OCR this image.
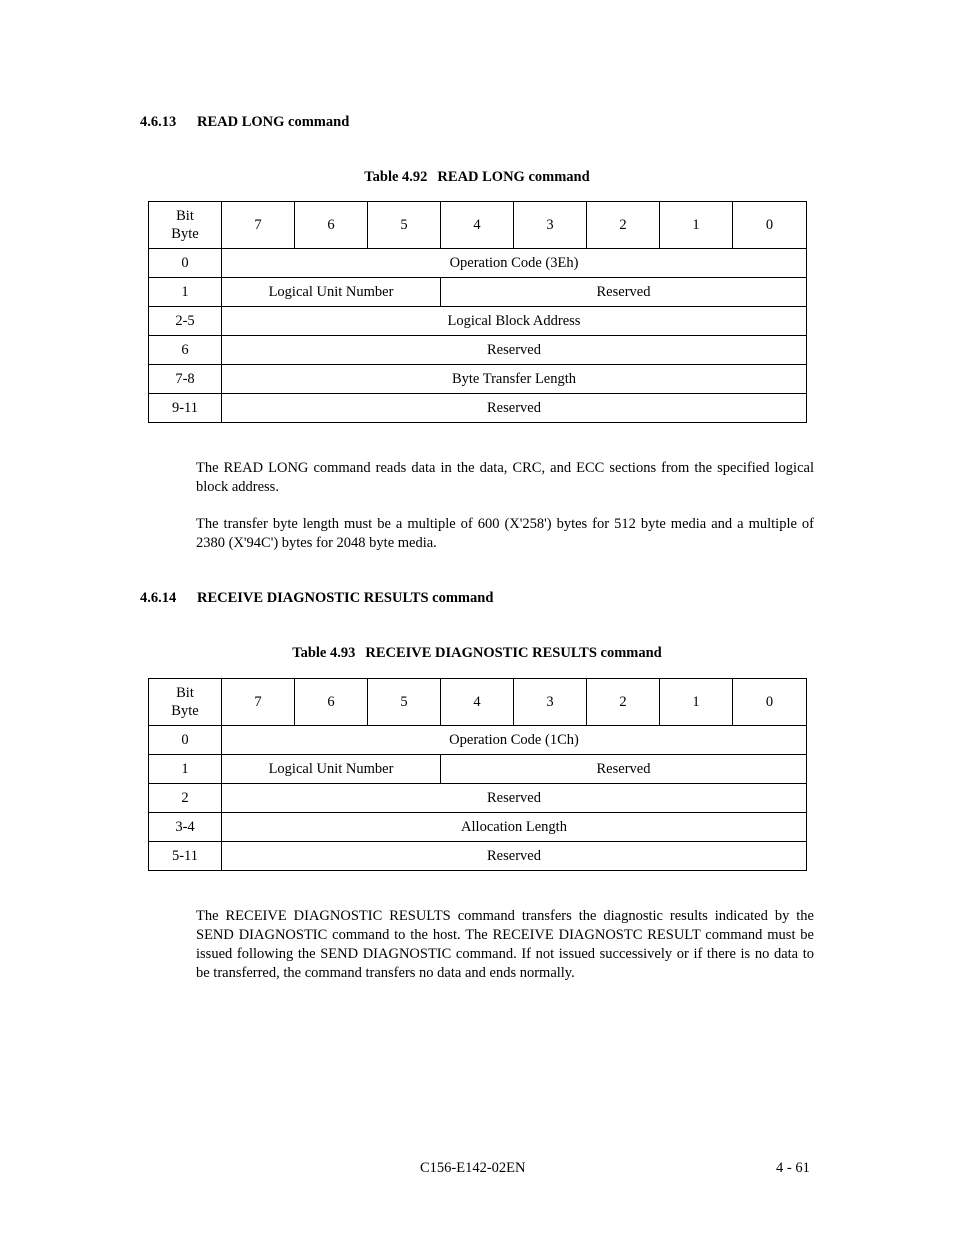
4.6.13 READ LONG command
Table 4.92 READ LONG command
Bit
Byte	7	6	5	4	3	2	1	0
0	Operation Code (3Eh)							
1	Logical Unit Number			Reserved				
2-5	Logical Block Address							
6	Reserved							
7-8	Byte Transfer Length							
9-11	Reserved							

The READ LONG command reads data in the data, CRC, and ECC sections from the specified logical block address.

The transfer byte length must be a multiple of 600 (X'258') bytes for 512 byte media and a multiple of 2380 (X'94C') bytes for 2048 byte media.

4.6.14 RECEIVE DIAGNOSTIC RESULTS command
Table 4.93 RECEIVE DIAGNOSTIC RESULTS command
Bit
Byte	7	6	5	4	3	2	1	0
0	Operation Code (1Ch)							
1	Logical Unit Number			Reserved				
2	Reserved							
3-4	Allocation Length							
5-11	Reserved							

The RECEIVE DIAGNOSTIC RESULTS command transfers the diagnostic results indicated by the SEND DIAGNOSTIC command to the host. The RECEIVE DIAGNOSTC RESULT command must be issued following the SEND DIAGNOSTIC command. If not issued successively or if there is no data to be transferred, the command transfers no data and ends normally.

C156-E142-02EN	4 - 61
